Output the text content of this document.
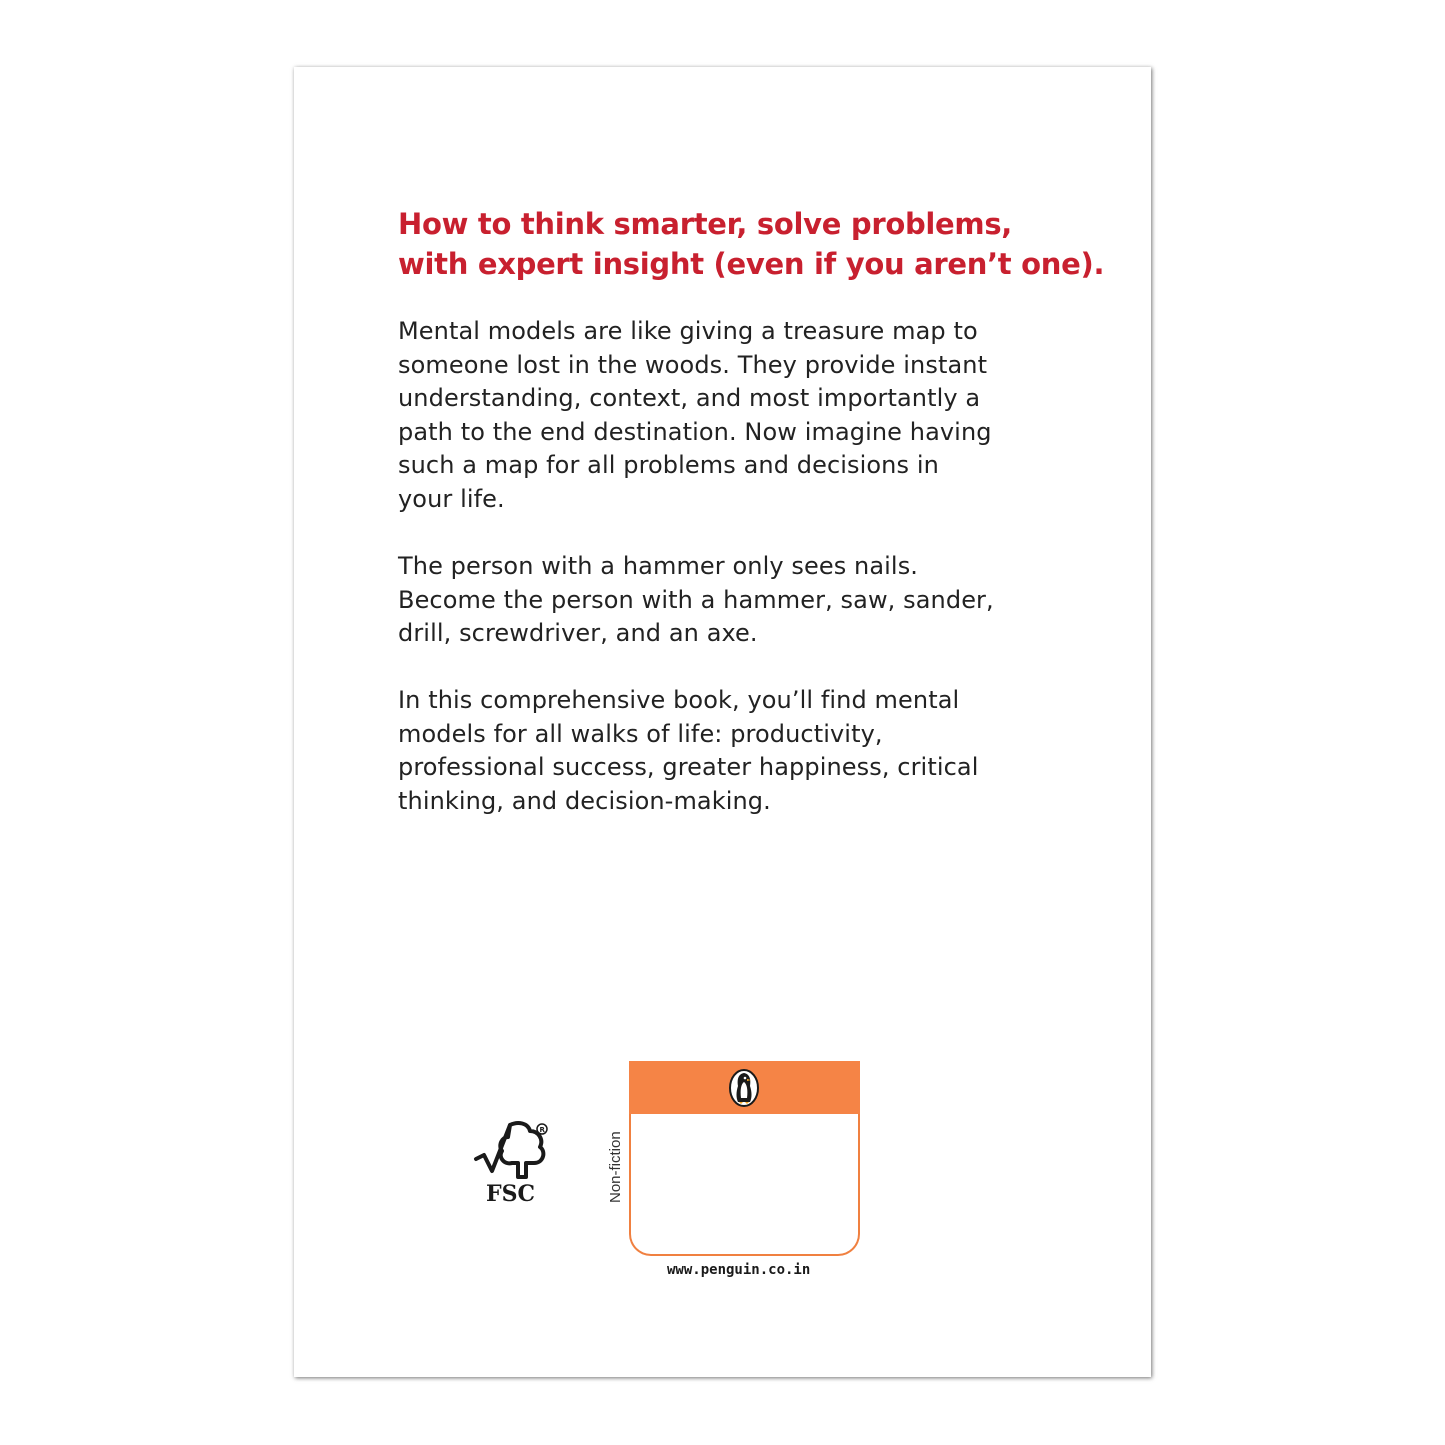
How to think smarter, solve problems,
with expert insight (even if you aren’t one).

Mental models are like giving a treasure map to
someone lost in the woods. They provide instant
understanding, context, and most importantly a
path to the end destination. Now imagine having
such a map for all problems and decisions in
your life.

The person with a hammer only sees nails.
Become the person with a hammer, saw, sander,
drill, screwdriver, and an axe.

In this comprehensive book, you’ll find mental
models for all walks of life: productivity,
professional success, greater happiness, critical
thinking, and decision-making.

R
FSC	Non-fiction
www.penguin.co.in
